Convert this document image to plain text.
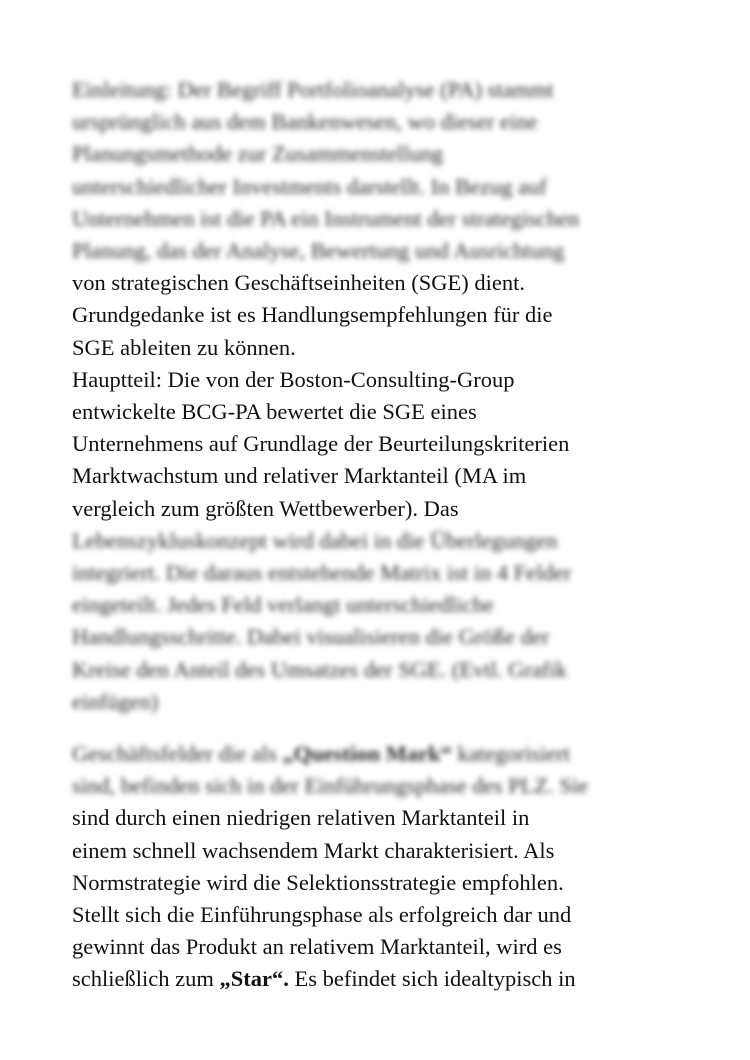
Einleitung: Der Begriff Portfolioanalyse (PA) stammt
ursprünglich aus dem Bankenwesen, wo dieser eine
Planungsmethode zur Zusammenstellung
unterschiedlicher Investments darstellt. In Bezug auf
Unternehmen ist die PA ein Instrument der strategischen
Planung, das der Analyse, Bewertung und Ausrichtung
von strategischen Geschäftseinheiten (SGE) dient.
Grundgedanke ist es Handlungsempfehlungen für die
SGE ableiten zu können.
Hauptteil: Die von der Boston-Consulting-Group
entwickelte BCG-PA bewertet die SGE eines
Unternehmens auf Grundlage der Beurteilungskriterien
Marktwachstum und relativer Marktanteil (MA im
vergleich zum größten Wettbewerber). Das
Lebenszykluskonzept wird dabei in die Überlegungen
integriert. Die daraus entstehende Matrix ist in 4 Felder
eingeteilt. Jedes Feld verlangt unterschiedliche
Handlungsschritte. Dabei visualisieren die Größe der
Kreise den Anteil des Umsatzes der SGE. (Evtl. Grafik
einfügen)
Geschäftsfelder die als „Question Mark“ kategorisiert
sind, befinden sich in der Einführungsphase des PLZ. Sie
sind durch einen niedrigen relativen Marktanteil in
einem schnell wachsendem Markt charakterisiert. Als
Normstrategie wird die Selektionsstrategie empfohlen.
Stellt sich die Einführungsphase als erfolgreich dar und
gewinnt das Produkt an relativem Marktanteil, wird es
schließlich zum „Star“. Es befindet sich idealtypisch in
